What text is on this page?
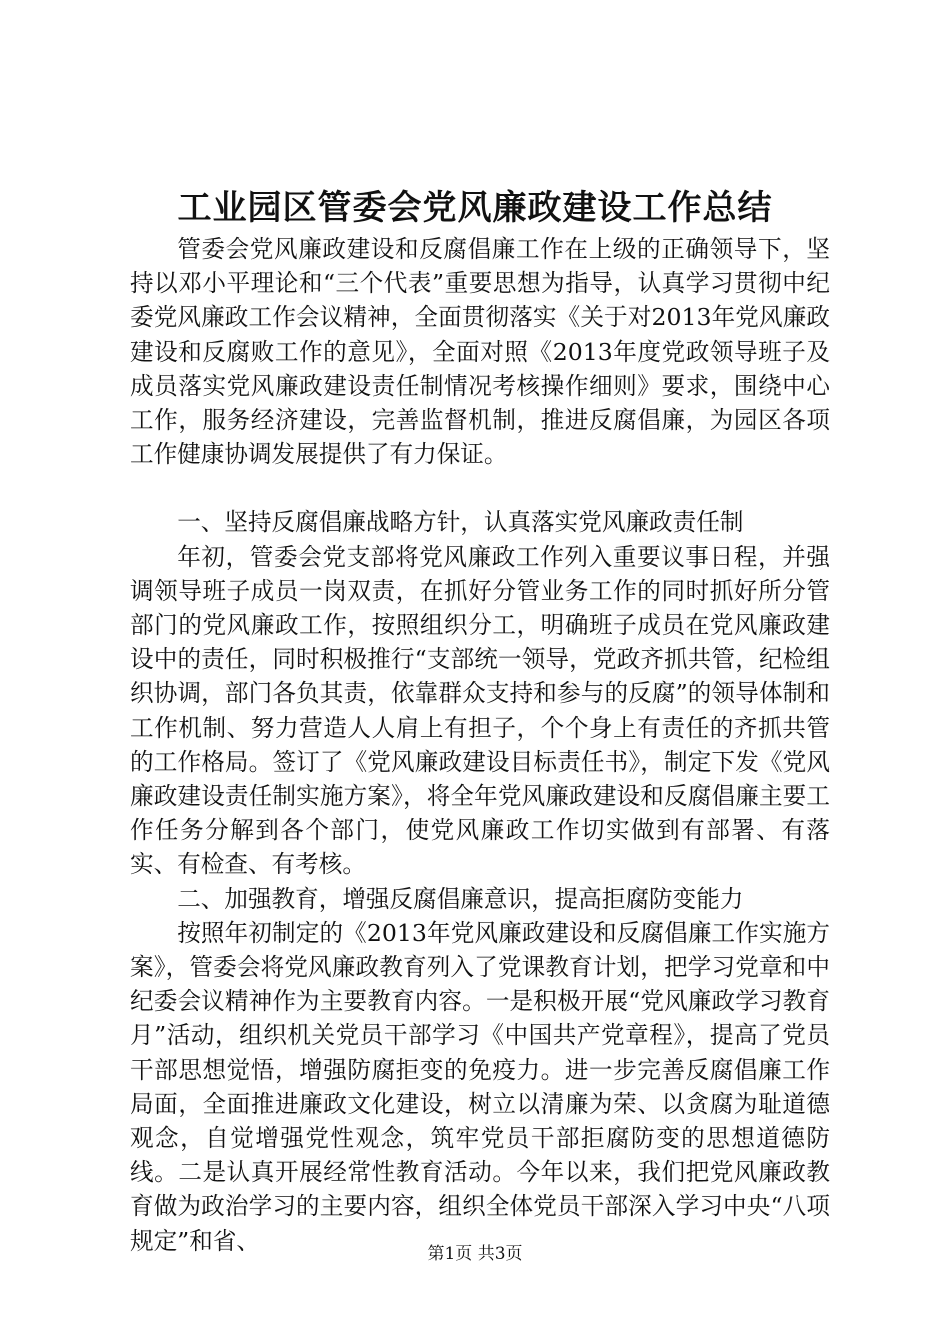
工业园区管委会党风廉政建设工作总结

管委会党风廉政建设和反腐倡廉工作在上级的正确领导下，坚持以邓小平理论和“三个代表”重要思想为指导，认真学习贯彻中纪委党风廉政工作会议精神，全面贯彻落实《关于对2013年党风廉政建设和反腐败工作的意见》，全面对照《2013年度党政领导班子及成员落实党风廉政建设责任制情况考核操作细则》要求，围绕中心工作，服务经济建设，完善监督机制，推进反腐倡廉，为园区各项工作健康协调发展提供了有力保证。

一、坚持反腐倡廉战略方针，认真落实党风廉政责任制

年初，管委会党支部将党风廉政工作列入重要议事日程，并强调领导班子成员一岗双责，在抓好分管业务工作的同时抓好所分管部门的党风廉政工作，按照组织分工，明确班子成员在党风廉政建设中的责任，同时积极推行“支部统一领导，党政齐抓共管，纪检组织协调，部门各负其责，依靠群众支持和参与的反腐”的领导体制和工作机制、努力营造人人肩上有担子，个个身上有责任的齐抓共管的工作格局。签订了《党风廉政建设目标责任书》，制定下发《党风廉政建设责任制实施方案》，将全年党风廉政建设和反腐倡廉主要工作任务分解到各个部门，使党风廉政工作切实做到有部署、有落实、有检查、有考核。

二、加强教育，增强反腐倡廉意识，提高拒腐防变能力

按照年初制定的《2013年党风廉政建设和反腐倡廉工作实施方案》，管委会将党风廉政教育列入了党课教育计划，把学习党章和中纪委会议精神作为主要教育内容。一是积极开展“党风廉政学习教育月”活动，组织机关党员干部学习《中国共产党章程》，提高了党员干部思想觉悟，增强防腐拒变的免疫力。进一步完善反腐倡廉工作局面，全面推进廉政文化建设，树立以清廉为荣、以贪腐为耻道德观念，自觉增强党性观念，筑牢党员干部拒腐防变的思想道德防线。二是认真开展经常性教育活动。今年以来，我们把党风廉政教育做为政治学习的主要内容，组织全体党员干部深入学习中央“八项规定”和省、	第1页 共3页
